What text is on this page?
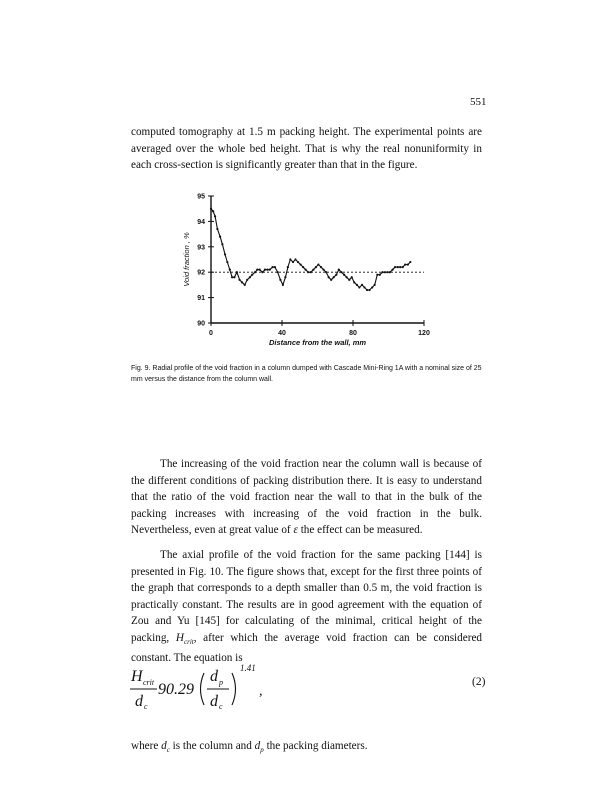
551

computed tomography at 1.5 m packing height. The experimental points are averaged over the whole bed height. That is why the real nonuniformity in each cross-section is significantly greater than that in the figure.

90
91
92
93
94
95
0	40	80	120
Distance from the wall, mm
Void fraction , %

Fig. 9. Radial profile of the void fraction in a column dumped with Cascade Mini-Ring 1A with a nominal size of 25 mm versus the distance from the column wall.

The increasing of the void fraction near the column wall is because of the different conditions of packing distribution there. It is easy to understand that the ratio of the void fraction near the wall to that in the bulk of the packing increases with increasing of the void fraction in the bulk. Nevertheless, even at great value of ε the effect can be measured.

The axial profile of the void fraction for the same packing [144] is presented in Fig. 10. The figure shows that, except for the first three points of the graph that corresponds to a depth smaller than 0.5 m, the void fraction is practically constant. The results are in good agreement with the equation of Zou and Yu [145] for calculating of the minimal, critical height of the packing, $H_{crit}$, after which the average void fraction can be considered constant. The equation is

H crit
d c
90.29
d p
d c
1.41
,
(2)
where $d_c$ is the column and $d_p$ the packing diameters.
